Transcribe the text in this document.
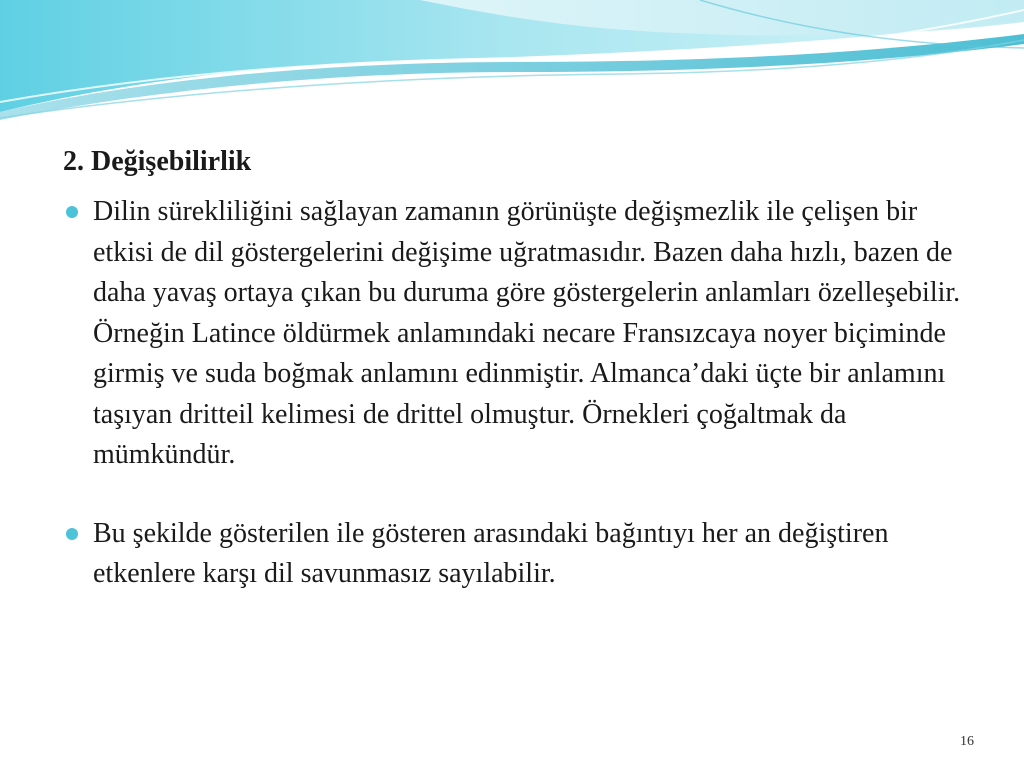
2. Değişebilirlik
Dilin sürekliliğini sağlayan zamanın görünüşte değişmezlik ile çelişen bir etkisi de dil göstergelerini değişime uğratmasıdır. Bazen daha hızlı, bazen de daha yavaş ortaya çıkan bu duruma göre göstergelerin anlamları özelleşebilir. Örneğin Latince öldürmek anlamındaki necare Fransızcaya noyer biçiminde girmiş ve suda boğmak anlamını edinmiştir. Almanca’daki üçte bir anlamını taşıyan dritteil kelimesi de drittel olmuştur. Örnekleri çoğaltmak da mümkündür.
Bu şekilde gösterilen ile gösteren arasındaki bağıntıyı her an değiştiren etkenlere karşı dil savunmasız sayılabilir.
16
